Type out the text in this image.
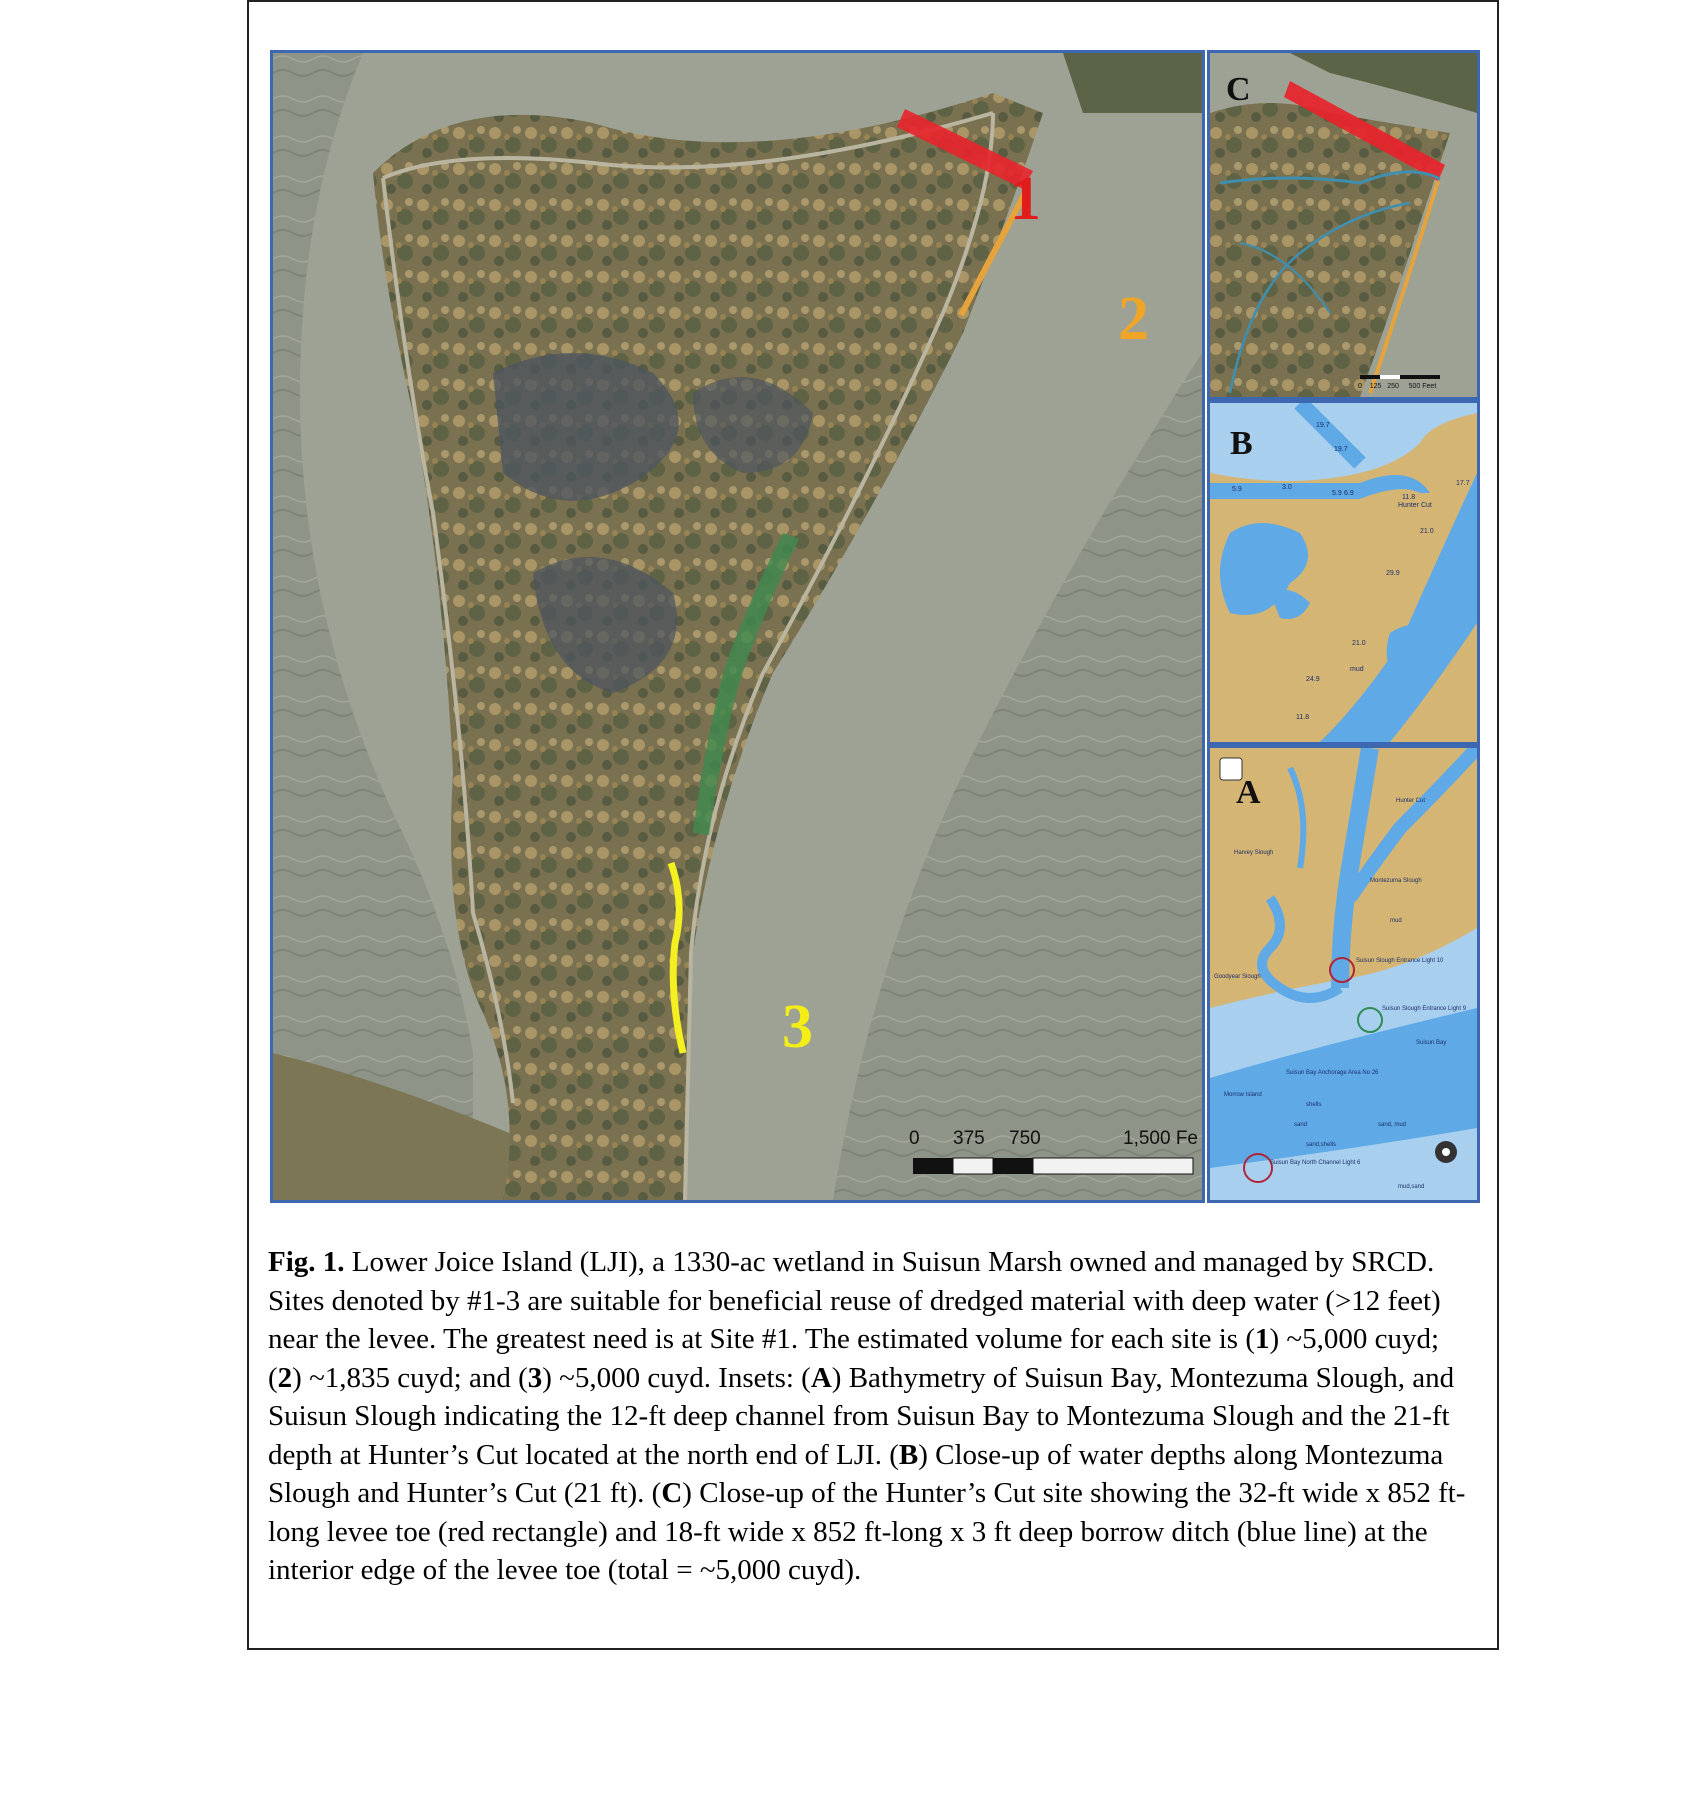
1
2
3
0 375 750	1,500 Fe
C
0 125 250 500 Feet
19.7
19.7
5.9	3.0
5.9 6.9
11.8
Hunter Cut
21.0
17.7
29.9
21.0
mud
24.9
11.8
B
Hunter Cut
Harvey Slough
Montezuma Slough
mud
Suisun Slough Entrance Light 10
Goodyear Slough
Suisun Slough Entrance Light 9
Suisun Bay
Suisun Bay Anchorage Area No 26
Morrow Island
shells
sand	sand, mud
sand,shells
Suisun Bay North Channel Light 6
mud,sand
A
Fig. 1. Lower Joice Island (LJI), a 1330-ac wetland in Suisun Marsh owned and managed by SRCD. Sites denoted by #1-3 are suitable for beneficial reuse of dredged material with deep water (>12 feet) near the levee. The greatest need is at Site #1. The estimated volume for each site is (1) ~5,000 cuyd; (2) ~1,835 cuyd; and (3) ~5,000 cuyd. Insets: (A) Bathymetry of Suisun Bay, Montezuma Slough, and Suisun Slough indicating the 12-ft deep channel from Suisun Bay to Montezuma Slough and the 21-ft depth at Hunter’s Cut located at the north end of LJI. (B) Close-up of water depths along Montezuma Slough and Hunter’s Cut (21 ft). (C) Close-up of the Hunter’s Cut site showing the 32-ft wide x 852 ft-long levee toe (red rectangle) and 18-ft wide x 852 ft-long x 3 ft deep borrow ditch (blue line) at the interior edge of the levee toe (total = ~5,000 cuyd).
